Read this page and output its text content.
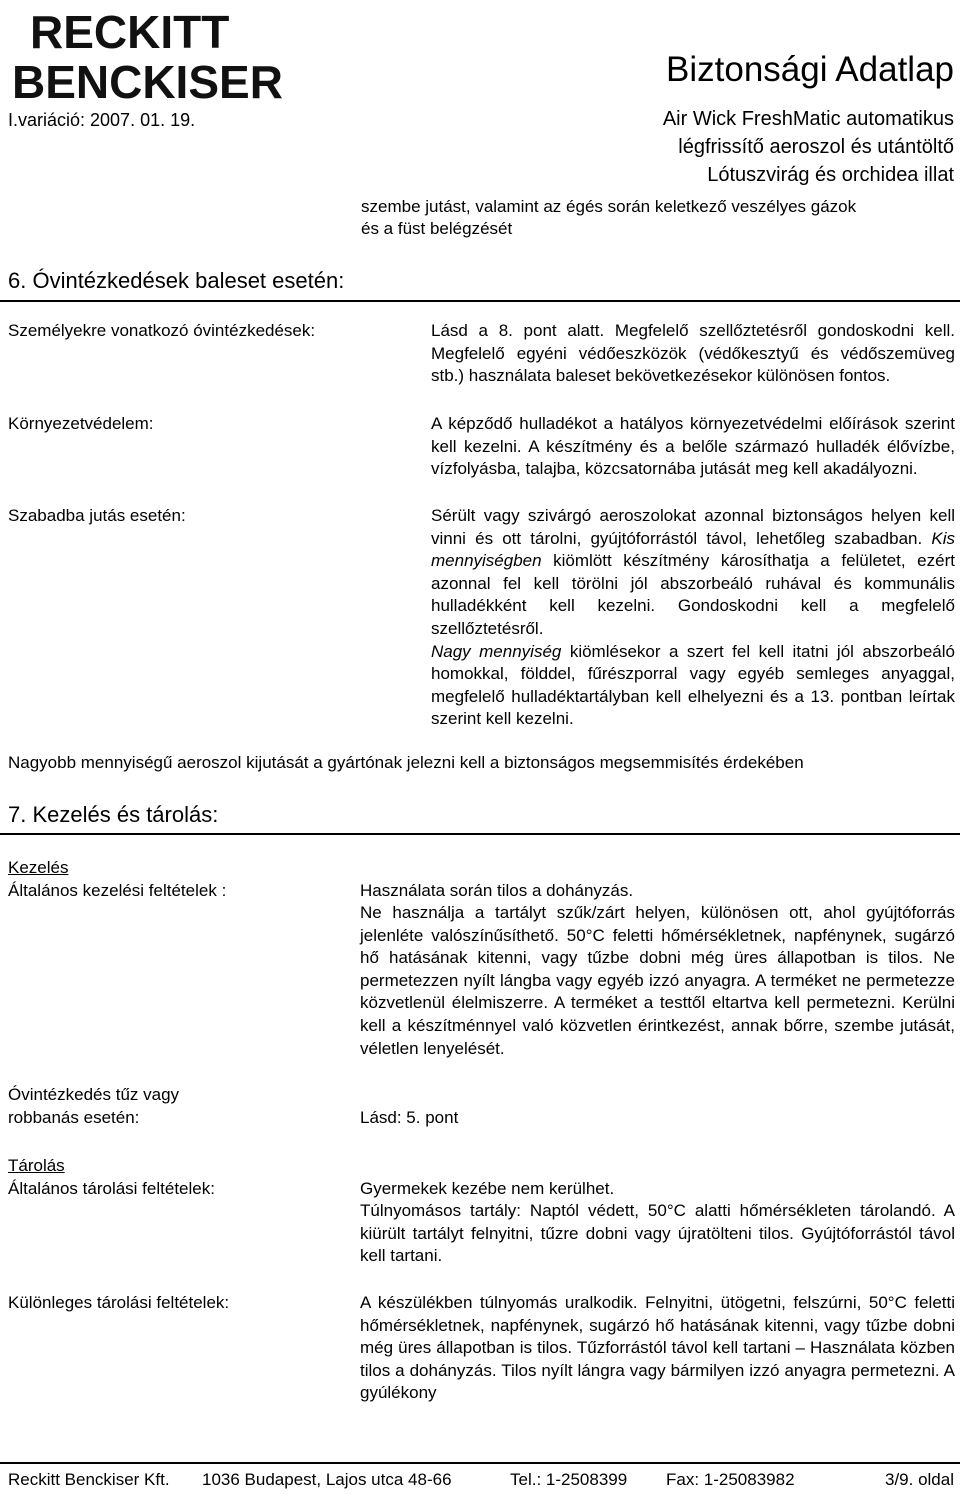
RECKITT
BENCKISER
I.variáció: 2007. 01. 19.
Biztonsági Adatlap
Air Wick FreshMatic automatikus
légfrissítő aeroszol és utántöltő
Lótuszvirág és orchidea illat
szembe jutást, valamint az égés során keletkező veszélyes gázok
és a füst belégzését
6. Óvintézkedések baleset esetén:
Személyekre vonatkozó óvintézkedések:	Lásd a 8. pont alatt. Megfelelő szellőztetésről gondoskodni kell. Megfelelő egyéni védőeszközök (védőkesztyű és védőszemüveg stb.) használata baleset bekövetkezésekor különösen fontos.
Környezetvédelem:	A képződő hulladékot a hatályos környezetvédelmi előírások szerint kell kezelni. A készítmény és a belőle származó hulladék élővízbe, vízfolyásba, talajba, közcsatornába jutását meg kell akadályozni.
Szabadba jutás esetén:	Sérült vagy szivárgó aeroszolokat azonnal biztonságos helyen kell vinni és ott tárolni, gyújtóforrástól távol, lehetőleg szabadban. Kis mennyiségben kiömlött készítmény károsíthatja a felületet, ezért azonnal fel kell törölni jól abszorbeáló ruhával és kommunális hulladékként kell kezelni. Gondoskodni kell a megfelelő szellőztetésről.
Nagy mennyiség kiömlésekor a szert fel kell itatni jól abszorbeáló homokkal, földdel, fűrészporral vagy egyéb semleges anyaggal, megfelelő hulladéktartályban kell elhelyezni és a 13. pontban leírtak szerint kell kezelni.
Nagyobb mennyiségű aeroszol kijutását a gyártónak jelezni kell a biztonságos megsemmisítés érdekében
7. Kezelés és tárolás:
Kezelés
Általános kezelési feltételek :	Használata során tilos a dohányzás.
Ne használja a tartályt szűk/zárt helyen, különösen ott, ahol gyújtóforrás jelenléte valószínűsíthető. 50°C feletti hőmérsékletnek, napfénynek, sugárzó hő hatásának kitenni, vagy tűzbe dobni még üres állapotban is tilos. Ne permetezzen nyílt lángba vagy egyéb izzó anyagra. A terméket ne permetezze közvetlenül élelmiszerre. A terméket a testtől eltartva kell permetezni. Kerülni kell a készítménnyel való közvetlen érintkezést, annak bőrre, szembe jutását, véletlen lenyelését.
Óvintézkedés tűz vagy
robbanás esetén:	Lásd: 5. pont
Tárolás
Általános tárolási feltételek:	Gyermekek kezébe nem kerülhet.
Túlnyomásos tartály: Naptól védett, 50°C alatti hőmérsékleten tárolandó. A kiürült tartályt felnyitni, tűzre dobni vagy újratölteni tilos. Gyújtóforrástól távol kell tartani.
Különleges tárolási feltételek:	A készülékben túlnyomás uralkodik. Felnyitni, ütögetni, felszúrni, 50°C feletti hőmérsékletnek, napfénynek, sugárzó hő hatásának kitenni, vagy tűzbe dobni még üres állapotban is tilos. Tűzforrástól távol kell tartani – Használata közben tilos a dohányzás. Tilos nyílt lángra vagy bármilyen izzó anyagra permetezni. A gyúlékony
Reckitt Benckiser Kft. 1036 Budapest, Lajos utca 48-66	Tel.: 1-2508399 Fax: 1-25083982	3/9. oldal
